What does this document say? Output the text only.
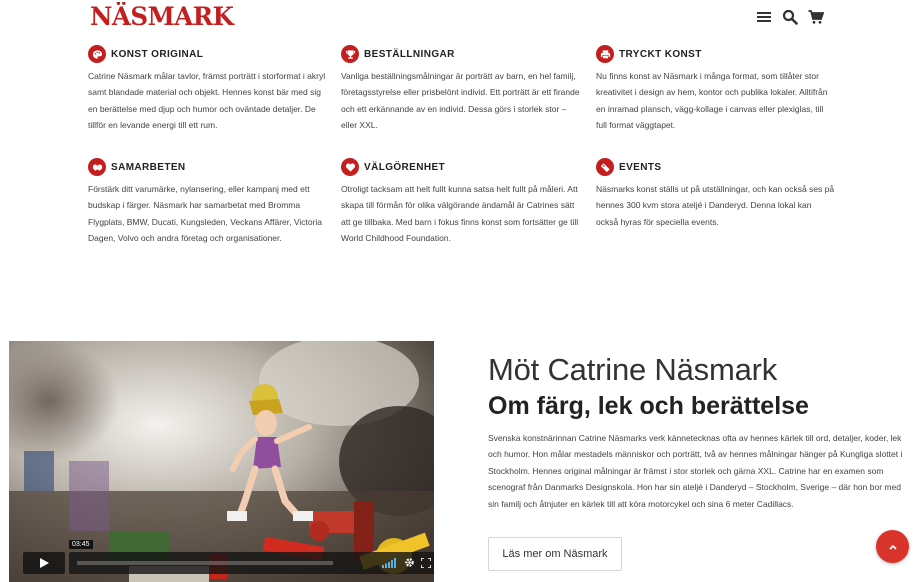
NÄSMARK
KONST ORIGINAL

Catrine Näsmark målar tavlor, främst porträtt i storformat i akryl samt blandade material och objekt. Hennes konst bär med sig en berättelse med djup och humor och oväntade detaljer. De tillför en levande energi till ett rum.

BESTÄLLNINGAR

Vanliga beställningsmålningar är porträtt av barn, en hel familj, företagsstyrelse eller prisbelönt individ. Ett porträtt är ett firande och ett erkännande av en individ. Dessa görs i storlek stor – eller XXL.

TRYCKT KONST

Nu finns konst av Näsmark i många format, som tillåter stor kreativitet i design av hem, kontor och publika lokaler. Alltifrån en inramad plansch, vägg-kollage i canvas eller plexiglas, till full format väggtapet.

SAMARBETEN

Förstärk ditt varumärke, nylansering, eller kampanj med ett budskap i färger. Näsmark har samarbetat med Bromma Flygplats, BMW, Ducati, Kungsleden, Veckans Affärer, Victoria Dagen, Volvo och andra företag och organisationer.

VÄLGÖRENHET

Otroligt tacksam att helt fullt kunna satsa helt fullt på måleri. Att skapa till förmån för olika välgörande ändamål är Catrines sätt att ge tillbaka. Med barn i fokus finns konst som fortsätter ge till World Childhood Foundation.

EVENTS

Näsmarks konst ställs ut på utställningar, och kan också ses på hennes 300 kvm stora ateljé i Danderyd. Denna lokal kan också hyras för speciella events.

03:45
Möt Catrine Näsmark
Om färg, lek och berättelse

Svenska konstnärinnan Catrine Näsmarks verk kännetecknas ofta av hennes kärlek till ord, detaljer, koder, lek och humor. Hon målar mestadels människor och porträtt, två av hennes målningar hänger på Kungliga slottet i Stockholm. Hennes original målningar är främst i stor storlek och gärna XXL. Catrine har en examen som scenograf från Danmarks Designskola. Hon har sin ateljé i Danderyd – Stockholm, Sverige – där hon bor med sin familj och åtnjuter en kärlek till att köra motorcykel och sina 6 meter Cadillacs.

Läs mer om Näsmark
